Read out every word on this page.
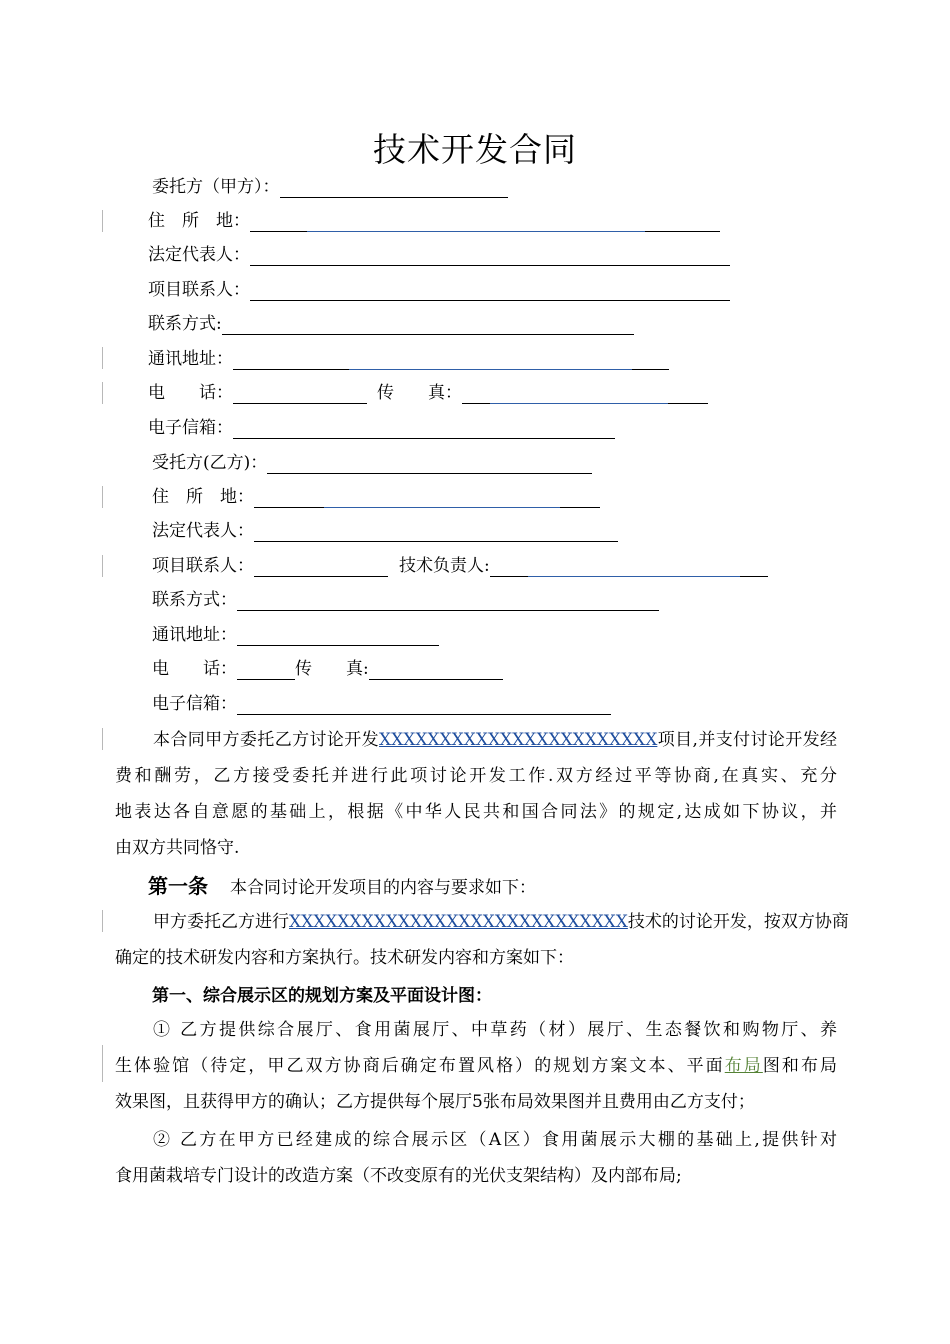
技术开发合同
委托方（甲方）：
住　所　地：
法定代表人：
项目联系人：
联系方式:
通讯地址：
电　　话：	传　　真：
电子信箱：
受托方(乙方)：
住　所　地：
法定代表人：
项目联系人：	技术负责人:
联系方式：
通讯地址：
电　　话：	传　　真:
电子信箱：
本合同甲方委托乙方讨论开发XXXXXXXXXXXXXXXXXXXXXXX项目,并支付讨论开发经
费和酬劳，乙方接受委托并进行此项讨论开发工作.双方经过平等协商,在真实、充分
地表达各自意愿的基础上，根据《中华人民共和国合同法》的规定,达成如下协议，并
由双方共同恪守.
第一条 本合同讨论开发项目的内容与要求如下：
甲方委托乙方进行XXXXXXXXXXXXXXXXXXXXXXXXXXXX技术的讨论开发，按双方协商
确定的技术研发内容和方案执行。技术研发内容和方案如下：
第一、综合展示区的规划方案及平面设计图：
① 乙方提供综合展厅、食用菌展厅、中草药（材）展厅、生态餐饮和购物厅、养
生体验馆（待定，甲乙双方协商后确定布置风格）的规划方案文本、平面布局图和布局
效果图，且获得甲方的确认；乙方提供每个展厅5张布局效果图并且费用由乙方支付；
② 乙方在甲方已经建成的综合展示区（A区）食用菌展示大棚的基础上,提供针对
食用菌栽培专门设计的改造方案（不改变原有的光伏支架结构）及内部布局;
